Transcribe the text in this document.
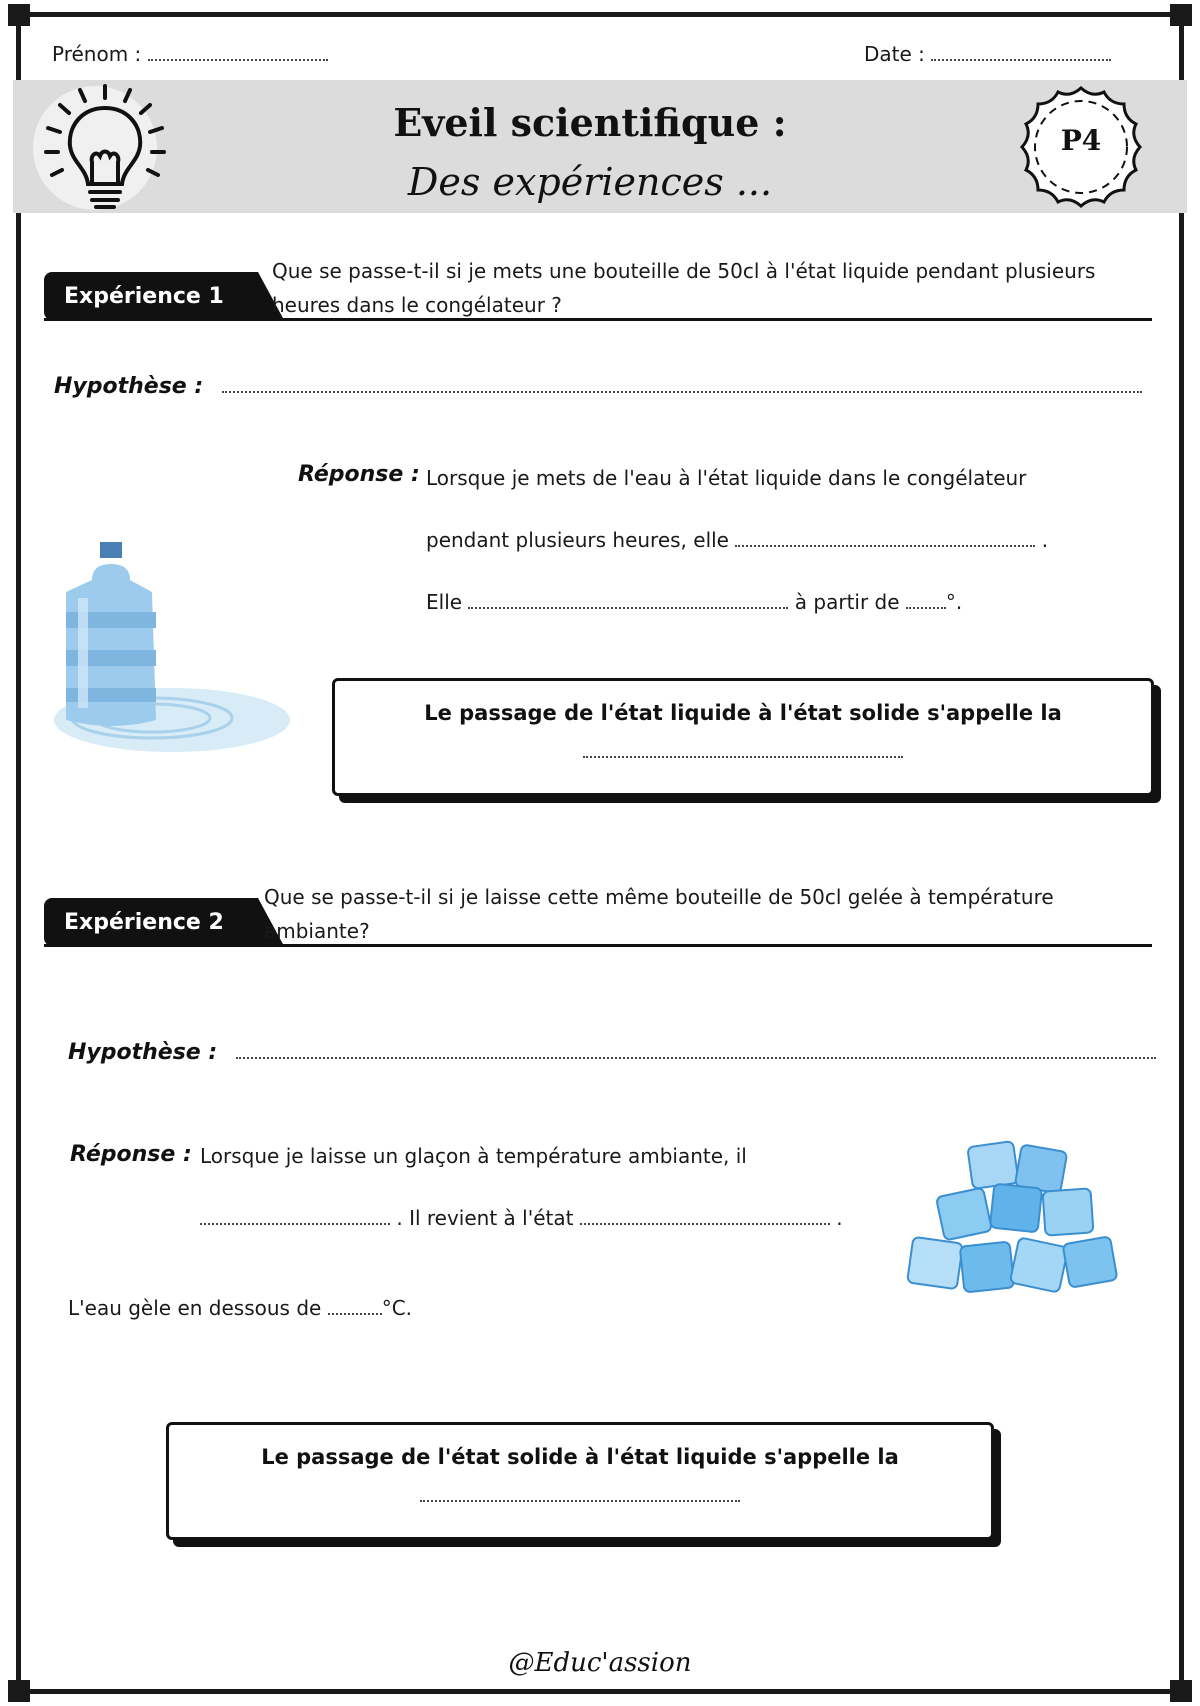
Prénom :	Date :
Eveil scientifique :
Des expériences ...
P4
Expérience 1
Que se passe-t-il si je mets une bouteille de 50cl à l'état liquide pendant plusieurs heures dans le congélateur ?
Hypothèse :
Réponse : Lorsque je mets de l'eau à l'état liquide dans le congélateur
pendant plusieurs heures, elle	.
Elle	à partir de °.
Le passage de l'état liquide à l'état solide s'appelle la
Expérience 2
Que se passe-t-il si je laisse cette même bouteille de 50cl gelée à température ambiante?
Hypothèse :
Réponse : Lorsque je laisse un glaçon à température ambiante, il
. Il revient à l'état	.
L'eau gèle en dessous de	°C.
Le passage de l'état solide à l'état liquide s'appelle la
@Educ'assion
